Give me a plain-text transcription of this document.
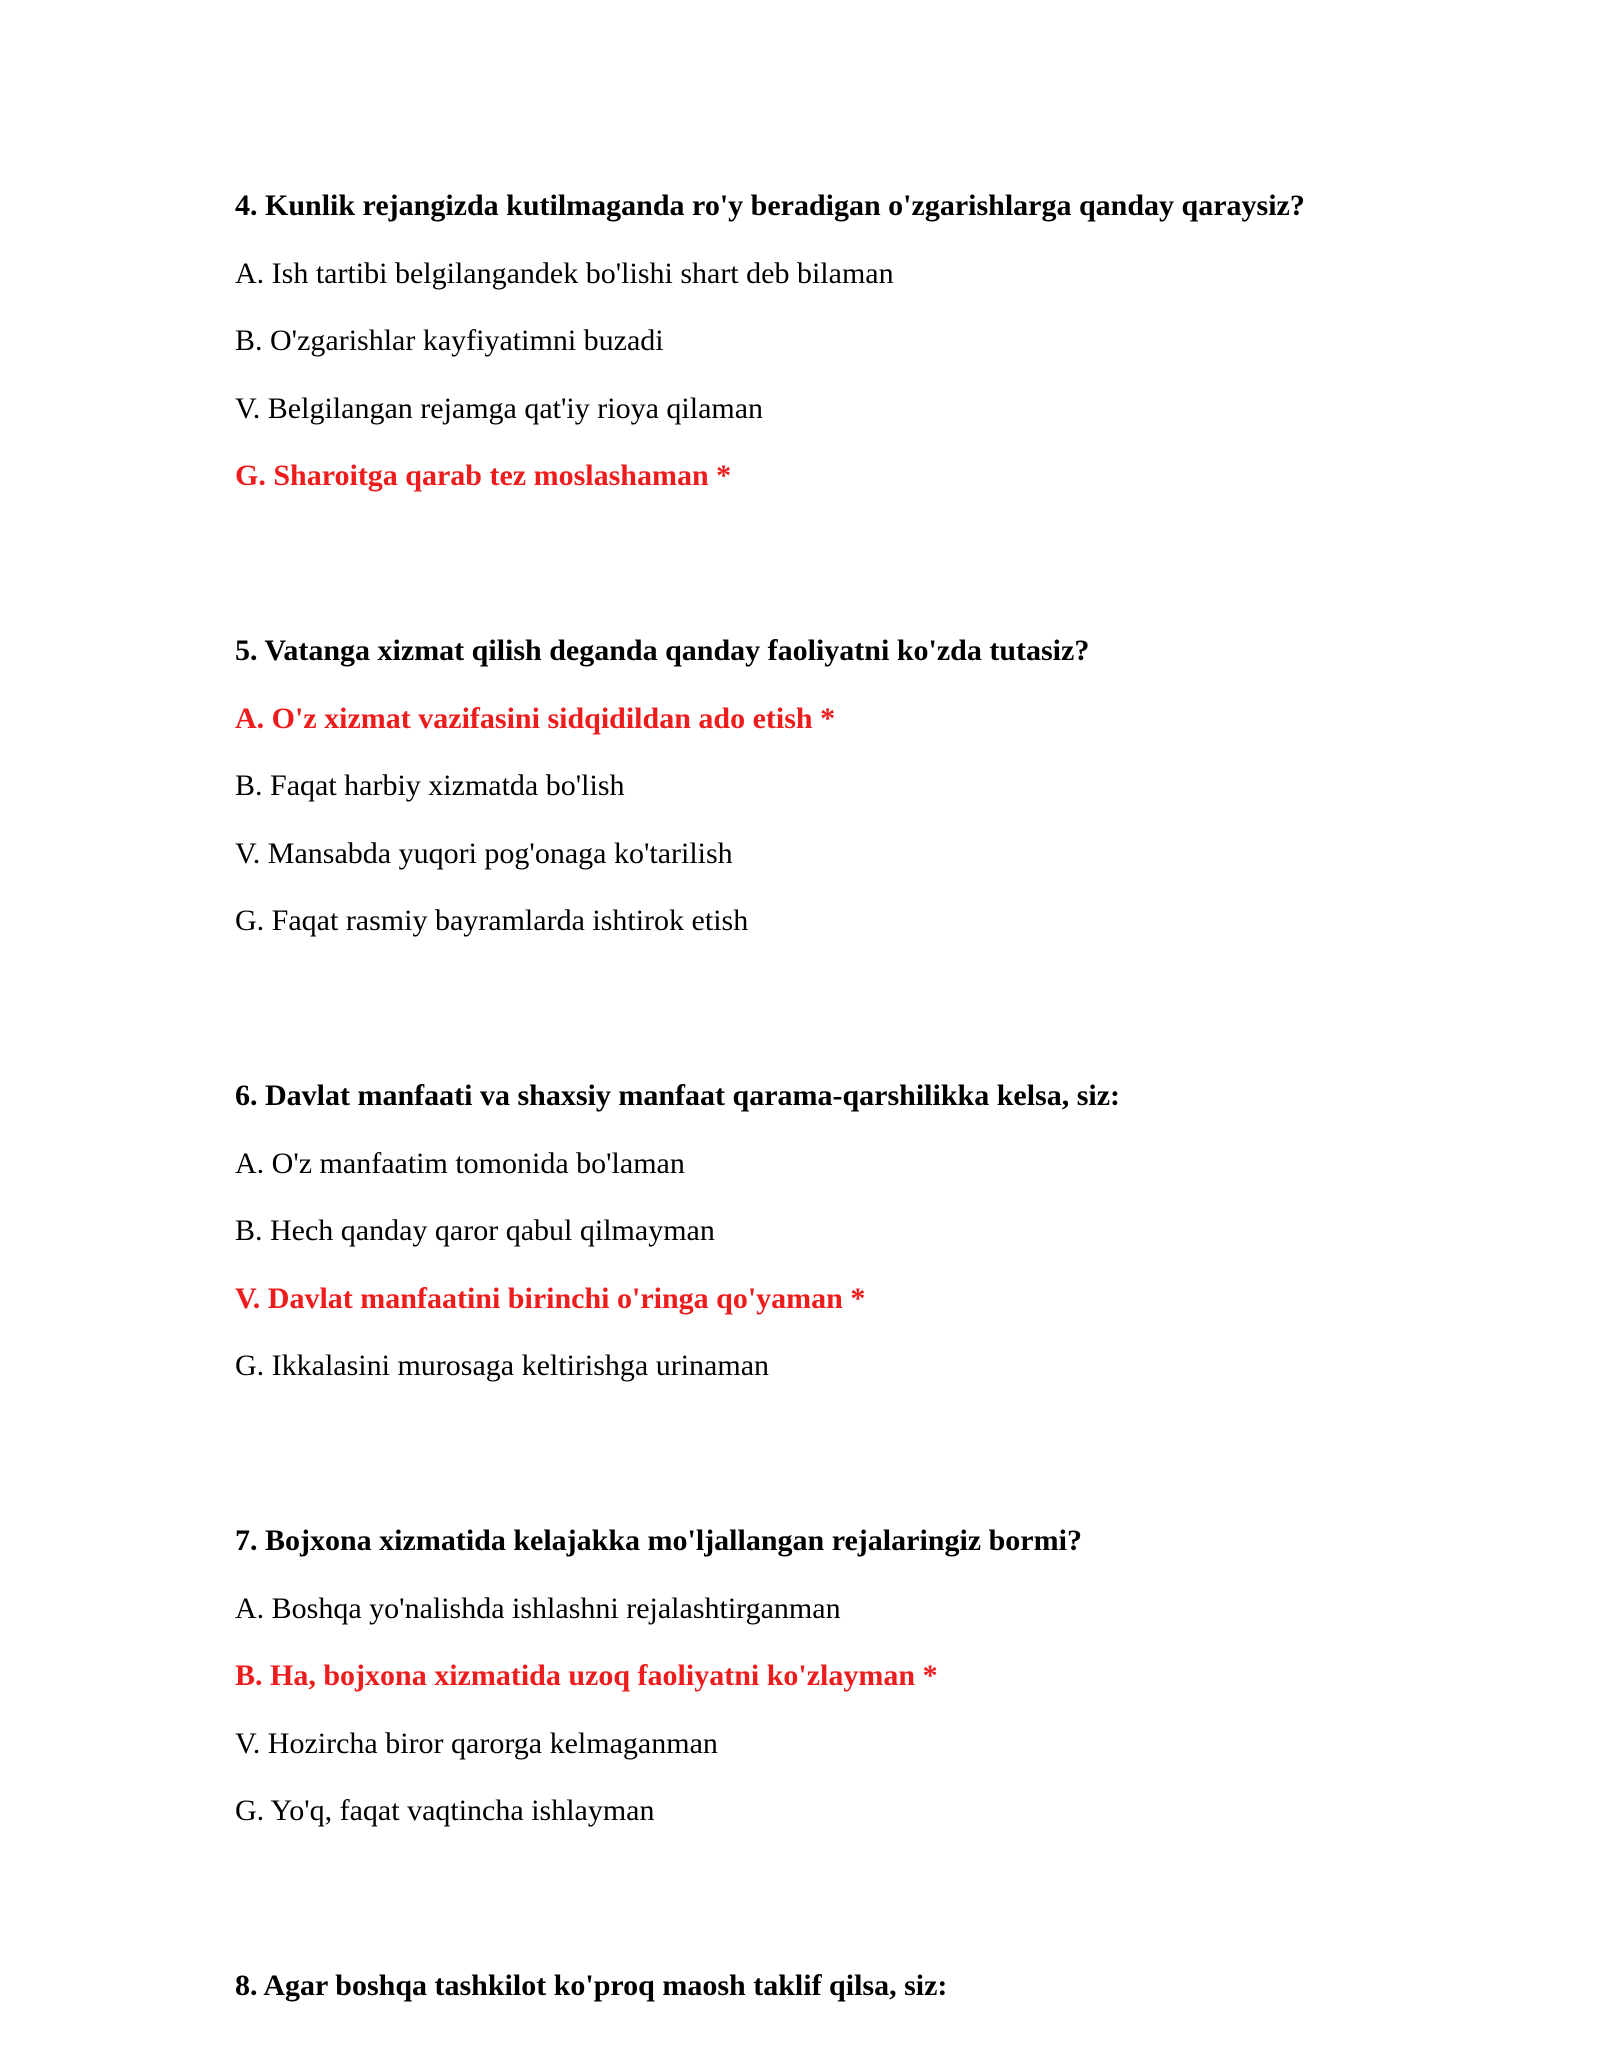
4. Kunlik rejangizda kutilmaganda ro'y beradigan o'zgarishlarga qanday qaraysiz?

A. Ish tartibi belgilangandek bo'lishi shart deb bilaman
B. O'zgarishlar kayfiyatimni buzadi
V. Belgilangan rejamga qat'iy rioya qilaman
G. Sharoitga qarab tez moslashaman *

5. Vatanga xizmat qilish deganda qanday faoliyatni ko'zda tutasiz?

A. O'z xizmat vazifasini sidqidildan ado etish *
B. Faqat harbiy xizmatda bo'lish
V. Mansabda yuqori pog'onaga ko'tarilish
G. Faqat rasmiy bayramlarda ishtirok etish

6. Davlat manfaati va shaxsiy manfaat qarama-qarshilikka kelsa, siz:

A. O'z manfaatim tomonida bo'laman
B. Hech qanday qaror qabul qilmayman
V. Davlat manfaatini birinchi o'ringa qo'yaman *
G. Ikkalasini murosaga keltirishga urinaman

7. Bojxona xizmatida kelajakka mo'ljallangan rejalaringiz bormi?

A. Boshqa yo'nalishda ishlashni rejalashtirganman
B. Ha, bojxona xizmatida uzoq faoliyatni ko'zlayman *
V. Hozircha biror qarorga kelmaganman
G. Yo'q, faqat vaqtincha ishlayman

8. Agar boshqa tashkilot ko'proq maosh taklif qilsa, siz:
